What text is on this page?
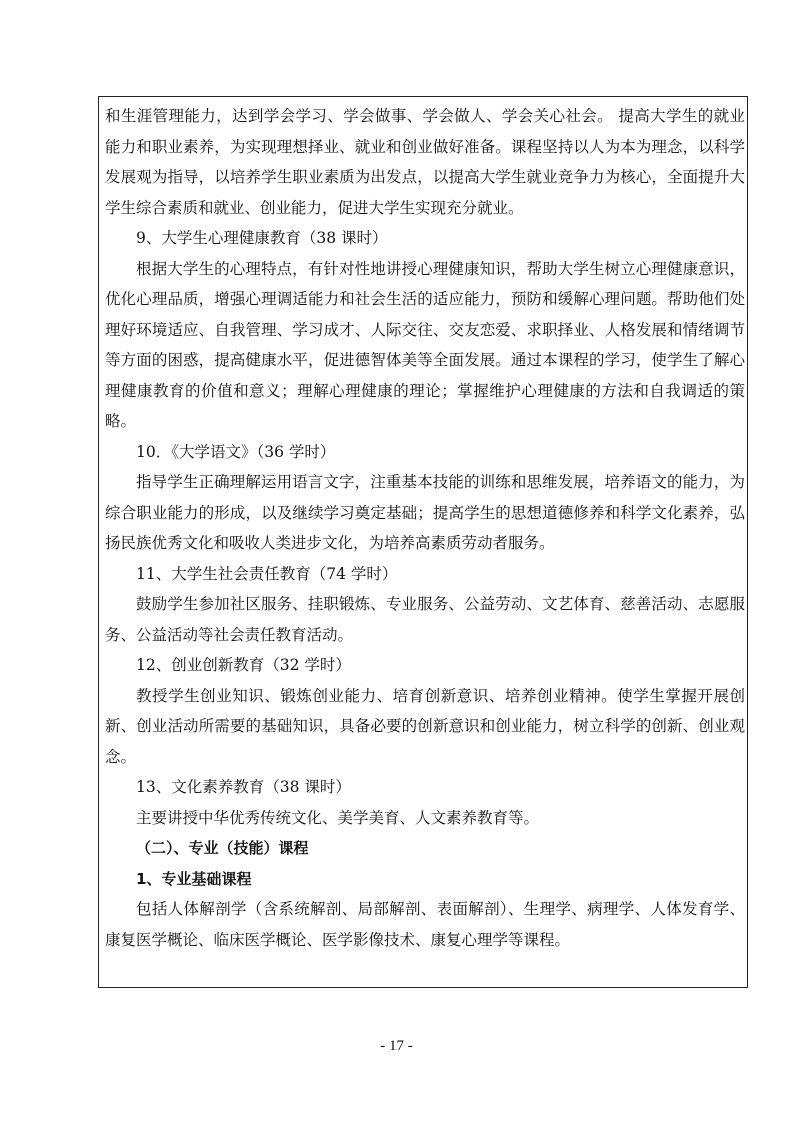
和生涯管理能力，达到学会学习、学会做事、学会做人、学会关心社会。 提高大学生的就业能力和职业素养，为实现理想择业、就业和创业做好准备。课程坚持以人为本为理念，以科学发展观为指导，以培养学生职业素质为出发点，以提高大学生就业竞争力为核心，全面提升大学生综合素质和就业、创业能力，促进大学生实现充分就业。

9、大学生心理健康教育（38 课时）

根据大学生的心理特点，有针对性地讲授心理健康知识，帮助大学生树立心理健康意识，优化心理品质，增强心理调适能力和社会生活的适应能力，预防和缓解心理问题。帮助他们处理好环境适应、自我管理、学习成才、人际交往、交友恋爱、求职择业、人格发展和情绪调节等方面的困惑，提高健康水平，促进德智体美等全面发展。通过本课程的学习，使学生了解心理健康教育的价值和意义；理解心理健康的理论；掌握维护心理健康的方法和自我调适的策略。

10．《大学语文》（36 学时）

指导学生正确理解运用语言文字，注重基本技能的训练和思维发展，培养语文的能力，为综合职业能力的形成，以及继续学习奠定基础；提高学生的思想道德修养和科学文化素养，弘扬民族优秀文化和吸收人类进步文化，为培养高素质劳动者服务。

11、大学生社会责任教育（74 学时）

鼓励学生参加社区服务、挂职锻炼、专业服务、公益劳动、文艺体育、慈善活动、志愿服务、公益活动等社会责任教育活动。

12、创业创新教育（32 学时）

教授学生创业知识、锻炼创业能力、培育创新意识、培养创业精神。使学生掌握开展创新、创业活动所需要的基础知识，具备必要的创新意识和创业能力，树立科学的创新、创业观念。

13、文化素养教育（38 课时）

主要讲授中华优秀传统文化、美学美育、人文素养教育等。

（二）、专业（技能）课程

1、专业基础课程

包括人体解剖学（含系统解剖、局部解剖、表面解剖）、生理学、病理学、人体发育学、康复医学概论、临床医学概论、医学影像技术、康复心理学等课程。

- 17 -
